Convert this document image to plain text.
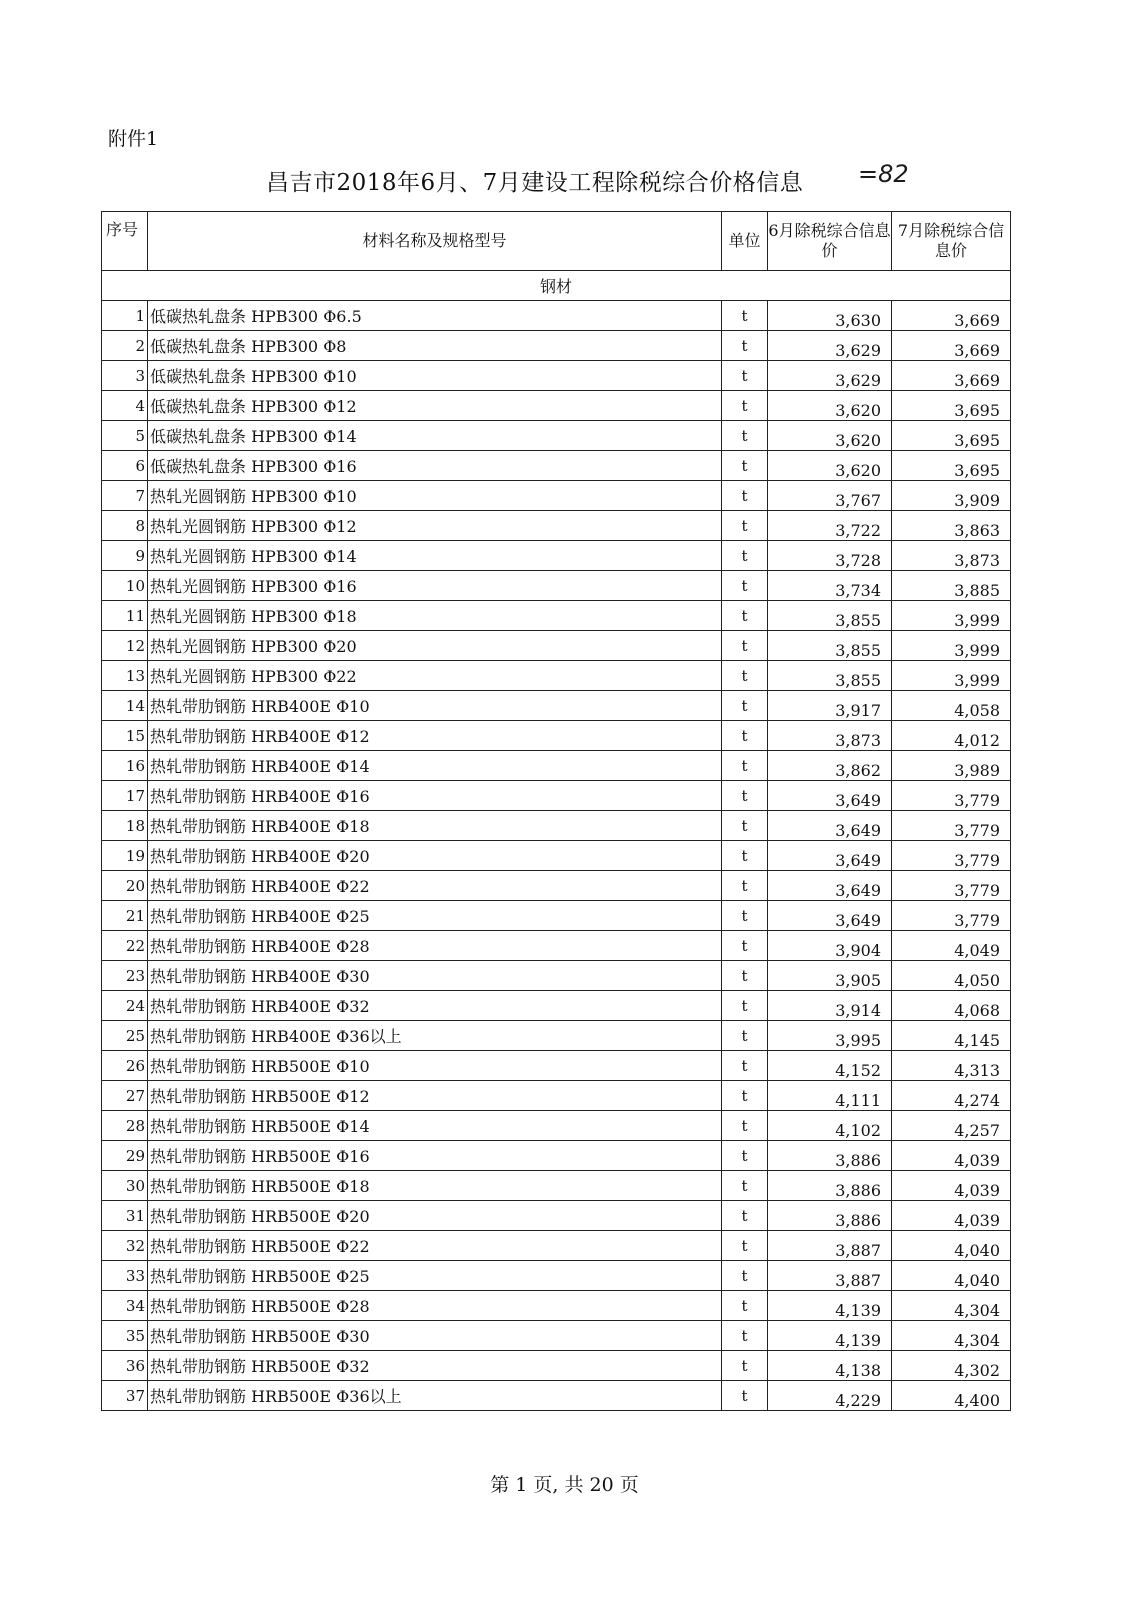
附件1
昌吉市2018年6月、7月建设工程除税综合价格信息 =82
序号	材料名称及规格型号	单位	6月除税综合信息价	7月除税综合信息价
钢材				
1	低碳热轧盘条 HPB300 Φ6.5	t	3,630	3,669
2	低碳热轧盘条 HPB300 Φ8	t	3,629	3,669
3	低碳热轧盘条 HPB300 Φ10	t	3,629	3,669
4	低碳热轧盘条 HPB300 Φ12	t	3,620	3,695
5	低碳热轧盘条 HPB300 Φ14	t	3,620	3,695
6	低碳热轧盘条 HPB300 Φ16	t	3,620	3,695
7	热轧光圆钢筋 HPB300 Φ10	t	3,767	3,909
8	热轧光圆钢筋 HPB300 Φ12	t	3,722	3,863
9	热轧光圆钢筋 HPB300 Φ14	t	3,728	3,873
10	热轧光圆钢筋 HPB300 Φ16	t	3,734	3,885
11	热轧光圆钢筋 HPB300 Φ18	t	3,855	3,999
12	热轧光圆钢筋 HPB300 Φ20	t	3,855	3,999
13	热轧光圆钢筋 HPB300 Φ22	t	3,855	3,999
14	热轧带肋钢筋 HRB400E Φ10	t	3,917	4,058
15	热轧带肋钢筋 HRB400E Φ12	t	3,873	4,012
16	热轧带肋钢筋 HRB400E Φ14	t	3,862	3,989
17	热轧带肋钢筋 HRB400E Φ16	t	3,649	3,779
18	热轧带肋钢筋 HRB400E Φ18	t	3,649	3,779
19	热轧带肋钢筋 HRB400E Φ20	t	3,649	3,779
20	热轧带肋钢筋 HRB400E Φ22	t	3,649	3,779
21	热轧带肋钢筋 HRB400E Φ25	t	3,649	3,779
22	热轧带肋钢筋 HRB400E Φ28	t	3,904	4,049
23	热轧带肋钢筋 HRB400E Φ30	t	3,905	4,050
24	热轧带肋钢筋 HRB400E Φ32	t	3,914	4,068
25	热轧带肋钢筋 HRB400E Φ36以上	t	3,995	4,145
26	热轧带肋钢筋 HRB500E Φ10	t	4,152	4,313
27	热轧带肋钢筋 HRB500E Φ12	t	4,111	4,274
28	热轧带肋钢筋 HRB500E Φ14	t	4,102	4,257
29	热轧带肋钢筋 HRB500E Φ16	t	3,886	4,039
30	热轧带肋钢筋 HRB500E Φ18	t	3,886	4,039
31	热轧带肋钢筋 HRB500E Φ20	t	3,886	4,039
32	热轧带肋钢筋 HRB500E Φ22	t	3,887	4,040
33	热轧带肋钢筋 HRB500E Φ25	t	3,887	4,040
34	热轧带肋钢筋 HRB500E Φ28	t	4,139	4,304
35	热轧带肋钢筋 HRB500E Φ30	t	4,139	4,304
36	热轧带肋钢筋 HRB500E Φ32	t	4,138	4,302
37	热轧带肋钢筋 HRB500E Φ36以上	t	4,229	4,400
第 1 页, 共 20 页
